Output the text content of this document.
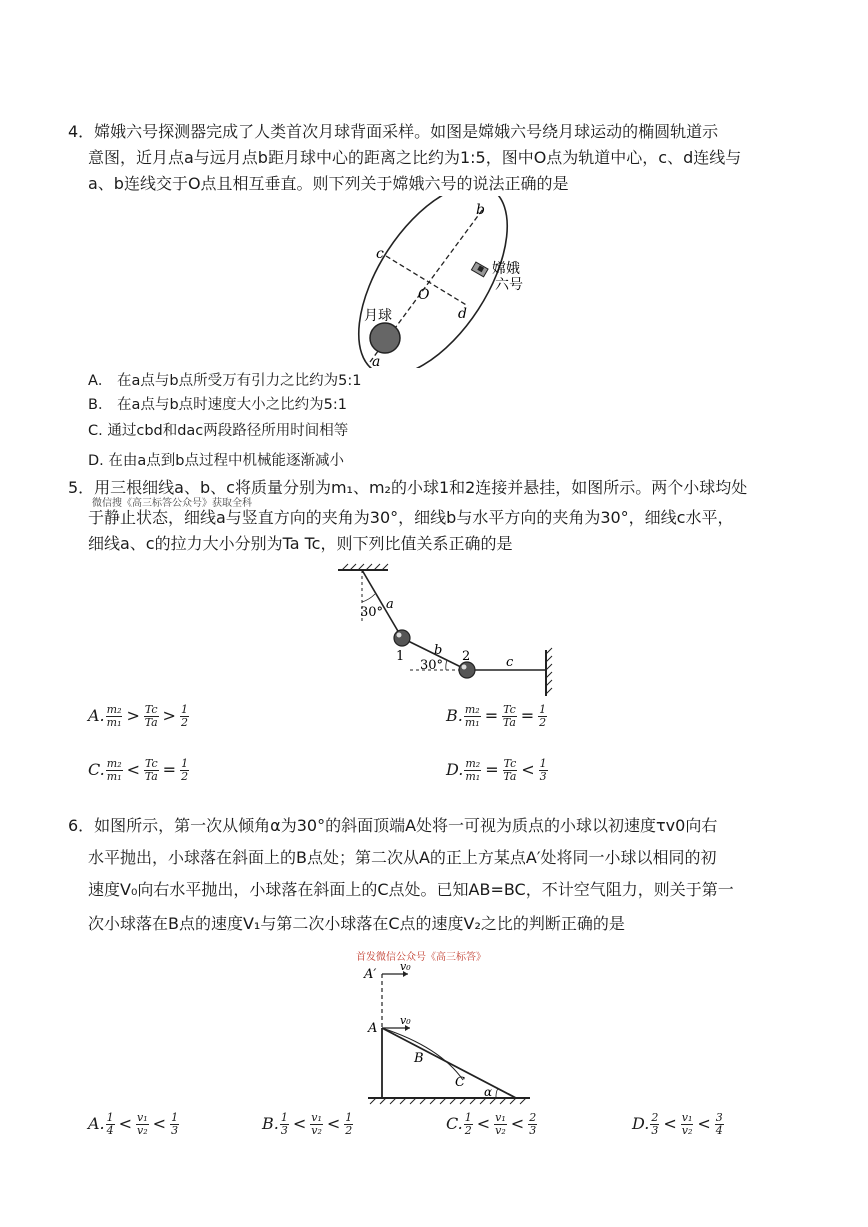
4．嫦娥六号探测器完成了人类首次月球背面采样。如图是嫦娥六号绕月球运动的椭圆轨道示
意图，近月点a与远月点b距月球中心的距离之比约为1:5，图中O点为轨道中心，c、d连线与
a、b连线交于O点且相互垂直。则下列关于嫦娥六号的说法正确的是
a
b
c
d
O
月球
嫦娥
六号
A． 在a点与b点所受万有引力之比约为5:1
B． 在a点与b点时速度大小之比约为5:1
C. 通过cbd和dac两段路径所用时间相等
D. 在由a点到b点过程中机械能逐渐减小
5．用三根细线a、b、c将质量分别为m₁、m₂的小球1和2连接并悬挂，如图所示。两个小球均处
微信搜《高三标答公众号》获取全科
于静止状态，细线a与竖直方向的夹角为30°，细线b与水平方向的夹角为30°，细线c水平，
细线a、c的拉力大小分别为Ta Tc，则下列比值关系正确的是
30°
30°
a
b
c
1	2
A. $\frac{\text{m₂}}{\text{m₁}} > \frac{Tc}{Ta} > \frac{1}{2}$	B. $\frac{\text{m₂}}{\text{m₁}} = \frac{Tc}{Ta} = \frac{1}{2}$
C. $\frac{\text{m₂}}{\text{m₁}} < \frac{Tc}{Ta} = \frac{1}{2}$	D. $\frac{\text{m₂}}{\text{m₁}} = \frac{Tc}{Ta} < \frac{1}{3}$
6．如图所示，第一次从倾角α为30°的斜面顶端A处将一可视为质点的小球以初速度τv0向右
水平抛出，小球落在斜面上的B点处；第二次从A的正上方某点A′处将同一小球以相同的初
速度V₀向右水平抛出，小球落在斜面上的C点处。已知AB=BC，不计空气阻力，则关于第一
次小球落在B点的速度V₁与第二次小球落在C点的速度V₂之比的判断正确的是
首发微信公众号《高三标答》
A′
A
B
C
v₀
v₀
α
A. $\frac{1}{4} < \frac{\text{v₁}}{\text{v₂}} < \frac{1}{3}$	B. $\frac{1}{3} < \frac{\text{v₁}}{\text{v₂}} < \frac{1}{2}$	C. $\frac{1}{2} < \frac{\text{v₁}}{\text{v₂}} < \frac{2}{3}$	D. $\frac{2}{3} < \frac{\text{v₁}}{\text{v₂}} < \frac{3}{4}$
